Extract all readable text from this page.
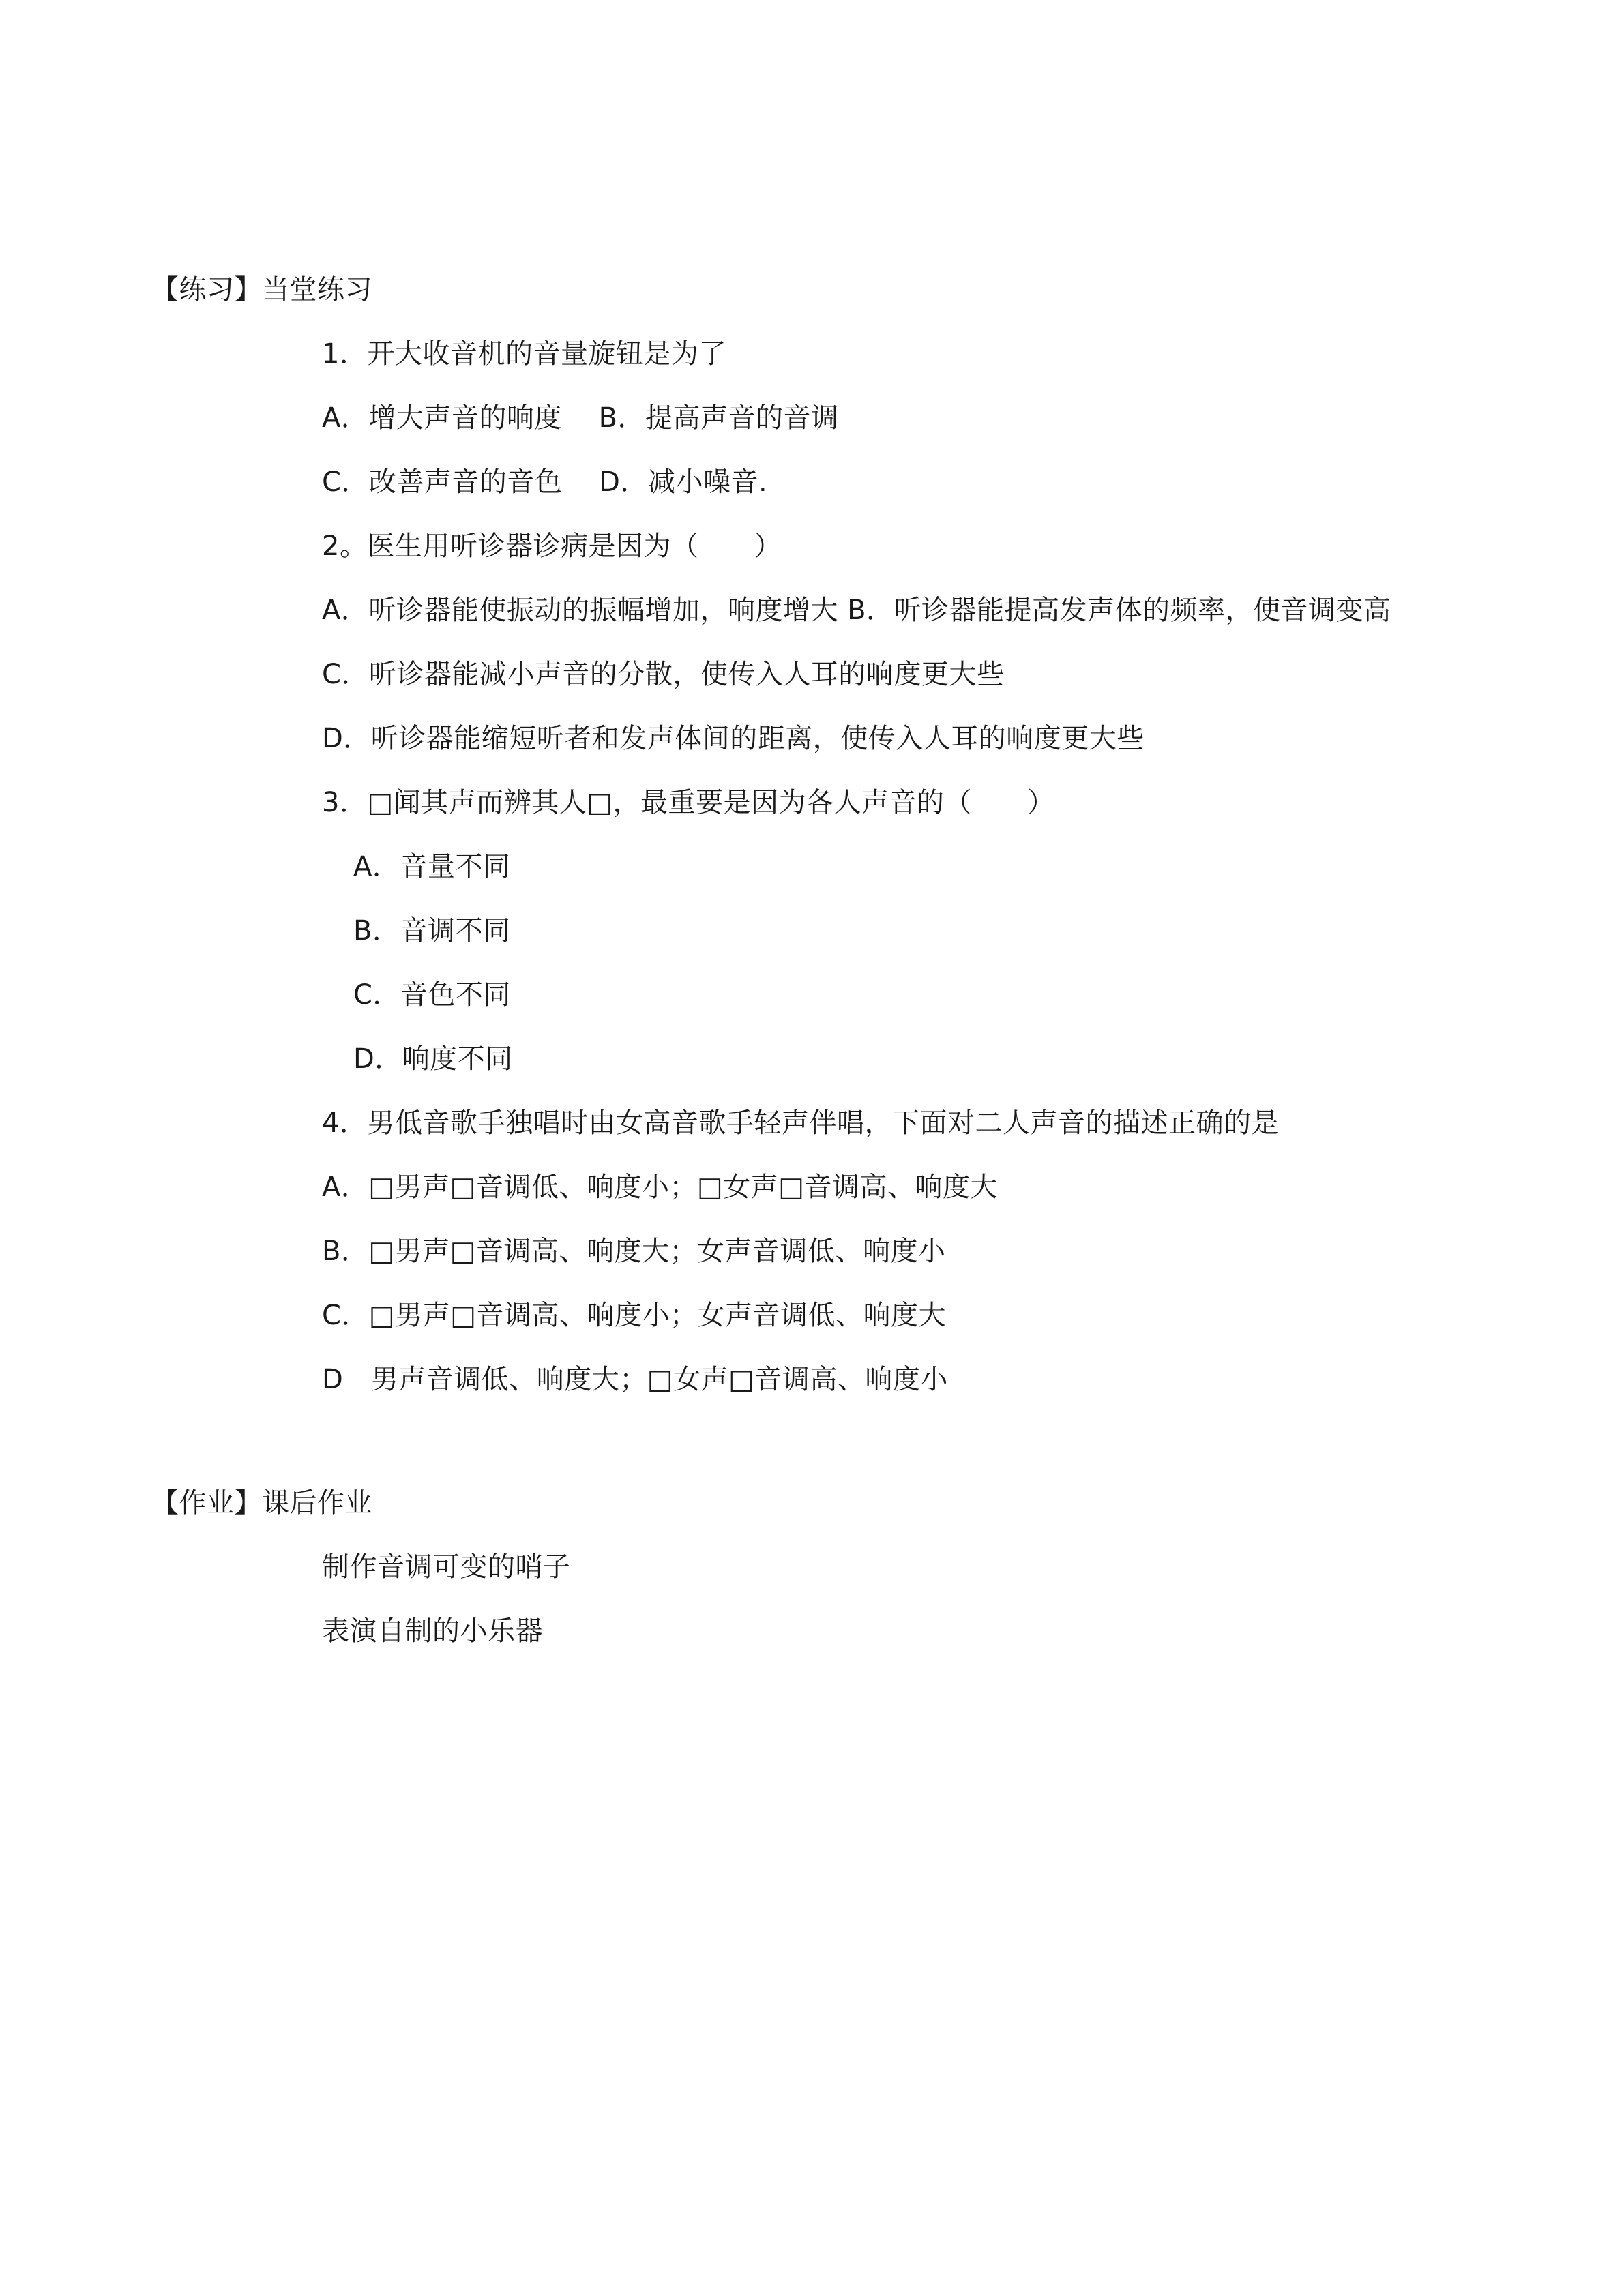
【练习】当堂练习
1．开大收音机的音量旋钮是为了
A．增大声音的响度　 B．提高声音的音调
C．改善声音的音色　 D．减小噪音.
2。医生用听诊器诊病是因为（　　）
A．听诊器能使振动的振幅增加，响度增大 B．听诊器能提高发声体的频率，使音调变高
C．听诊器能减小声音的分散，使传入人耳的响度更大些
D．听诊器能缩短听者和发声体间的距离，使传入人耳的响度更大些
3．□闻其声而辨其人□，最重要是因为各人声音的（　　）
A．音量不同
B．音调不同
C．音色不同
D．响度不同
4．男低音歌手独唱时由女高音歌手轻声伴唱，下面对二人声音的描述正确的是
A．□男声□音调低、响度小；□女声□音调高、响度大
B．□男声□音调高、响度大；女声音调低、响度小
C．□男声□音调高、响度小；女声音调低、响度大
D　男声音调低、响度大；□女声□音调高、响度小
【作业】课后作业
制作音调可变的哨子
表演自制的小乐器
